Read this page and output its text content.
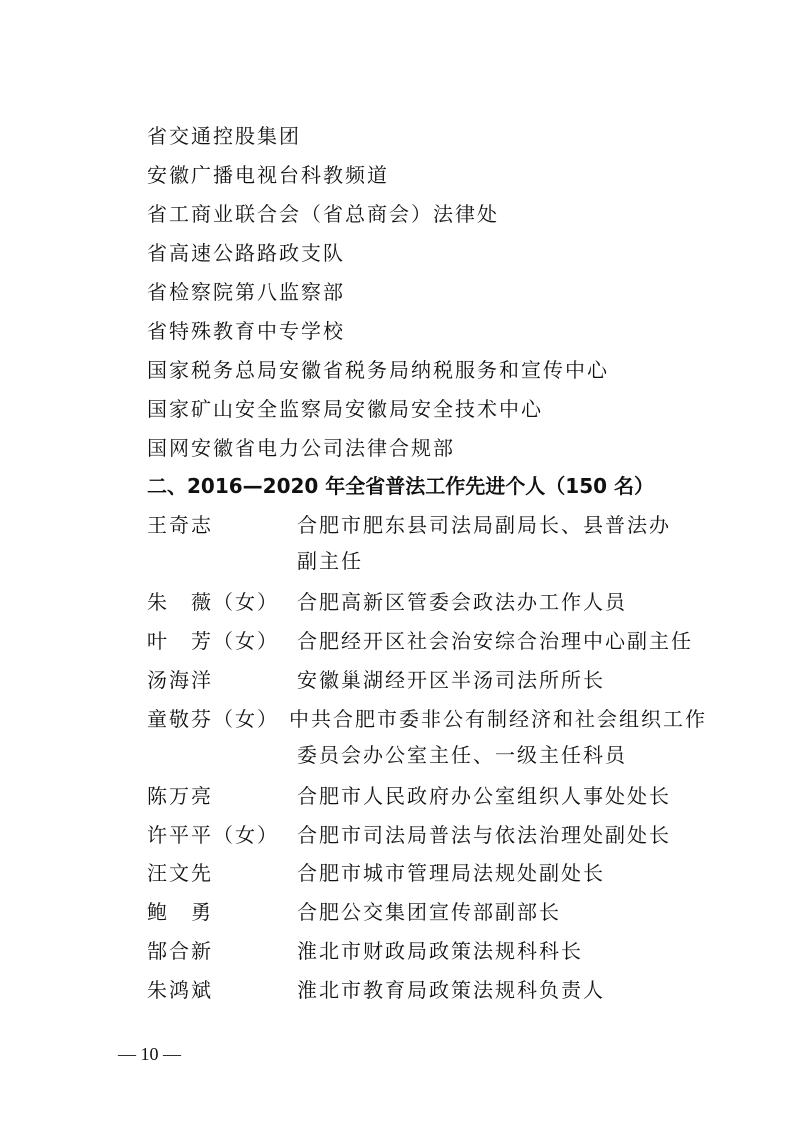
省交通控股集团
安徽广播电视台科教频道
省工商业联合会（省总商会）法律处
省高速公路路政支队
省检察院第八监察部
省特殊教育中专学校
国家税务总局安徽省税务局纳税服务和宣传中心
国家矿山安全监察局安徽局安全技术中心
国网安徽省电力公司法律合规部
二、2016—2020 年全省普法工作先进个人（150 名）
王奇志	合肥市肥东县司法局副局长、县普法办
副主任
朱　薇（女） 合肥高新区管委会政法办工作人员
叶　芳（女） 合肥经开区社会治安综合治理中心副主任
汤海洋	安徽巢湖经开区半汤司法所所长
童敬芬（女） 中共合肥市委非公有制经济和社会组织工作
委员会办公室主任、一级主任科员
陈万亮	合肥市人民政府办公室组织人事处处长
许平平（女） 合肥市司法局普法与依法治理处副处长
汪文先	合肥市城市管理局法规处副处长
鲍　勇	合肥公交集团宣传部副部长
郜合新	淮北市财政局政策法规科科长
朱鸿斌	淮北市教育局政策法规科负责人
— 10 —
